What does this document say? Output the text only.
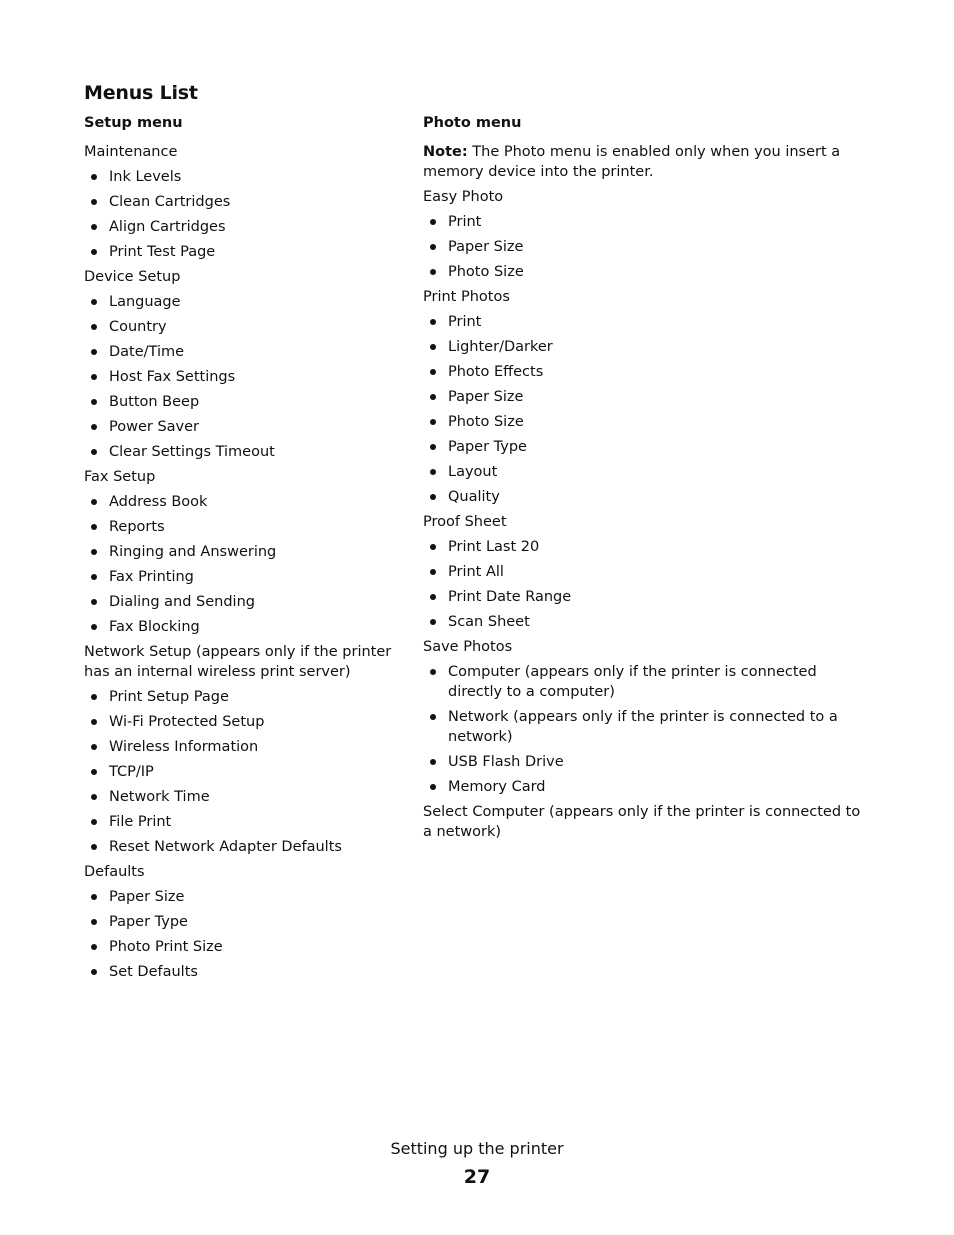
Menus List
Setup menu
Maintenance
Ink Levels
Clean Cartridges
Align Cartridges
Print Test Page
Device Setup
Language
Country
Date/Time
Host Fax Settings
Button Beep
Power Saver
Clear Settings Timeout
Fax Setup
Address Book
Reports
Ringing and Answering
Fax Printing
Dialing and Sending
Fax Blocking
Network Setup (appears only if the printer has an internal wireless print server)
Print Setup Page
Wi-Fi Protected Setup
Wireless Information
TCP/IP
Network Time
File Print
Reset Network Adapter Defaults
Defaults
Paper Size
Paper Type
Photo Print Size
Set Defaults
Photo menu
Note: The Photo menu is enabled only when you insert a memory device into the printer.
Easy Photo
Print
Paper Size
Photo Size
Print Photos
Print
Lighter/Darker
Photo Effects
Paper Size
Photo Size
Paper Type
Layout
Quality
Proof Sheet
Print Last 20
Print All
Print Date Range
Scan Sheet
Save Photos
Computer (appears only if the printer is connected directly to a computer)
Network (appears only if the printer is connected to a network)
USB Flash Drive
Memory Card
Select Computer (appears only if the printer is connected to a network)
Setting up the printer
27
